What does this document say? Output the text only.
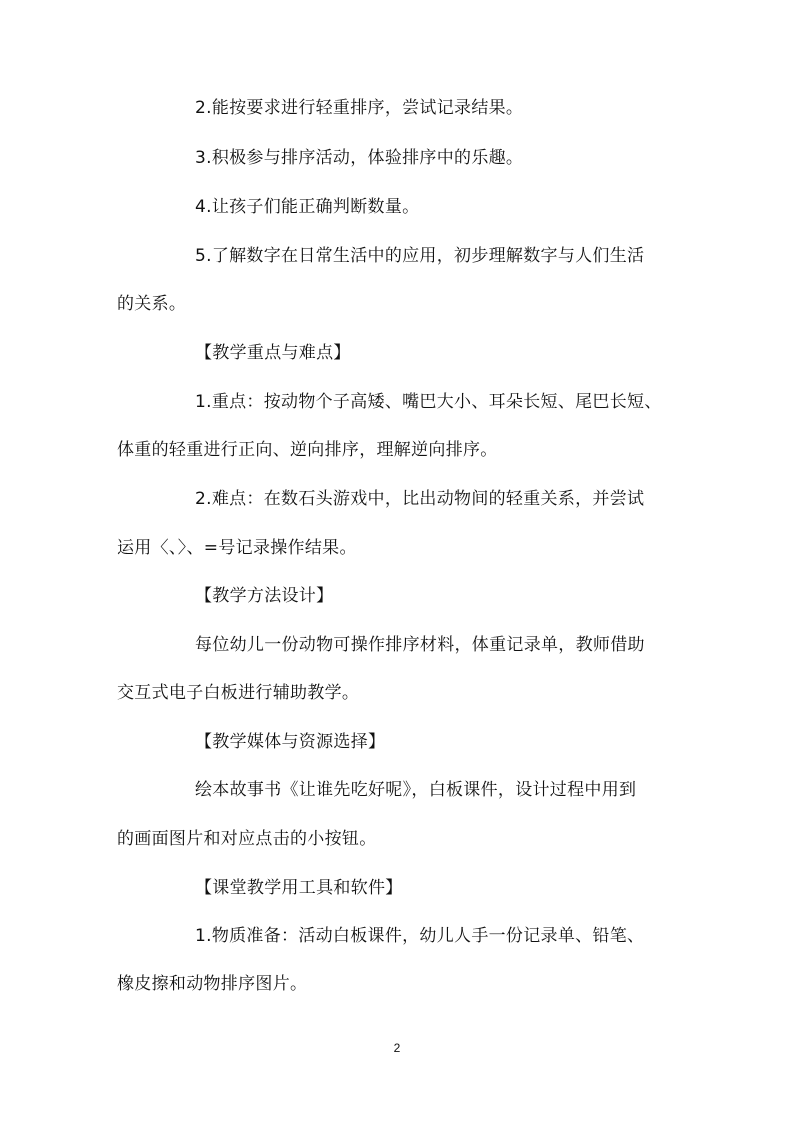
2.能按要求进行轻重排序，尝试记录结果。
3.积极参与排序活动，体验排序中的乐趣。
4.让孩子们能正确判断数量。
5.了解数字在日常生活中的应用，初步理解数字与人们生活
的关系。
【教学重点与难点】
1.重点：按动物个子高矮、嘴巴大小、耳朵长短、尾巴长短、
体重的轻重进行正向、逆向排序，理解逆向排序。
2.难点：在数石头游戏中，比出动物间的轻重关系，并尝试
运用〈、〉、=号记录操作结果。
【教学方法设计】
每位幼儿一份动物可操作排序材料，体重记录单，教师借助
交互式电子白板进行辅助教学。
【教学媒体与资源选择】
绘本故事书《让谁先吃好呢》，白板课件，设计过程中用到
的画面图片和对应点击的小按钮。
【课堂教学用工具和软件】
1.物质准备：活动白板课件，幼儿人手一份记录单、铅笔、
橡皮擦和动物排序图片。
2
